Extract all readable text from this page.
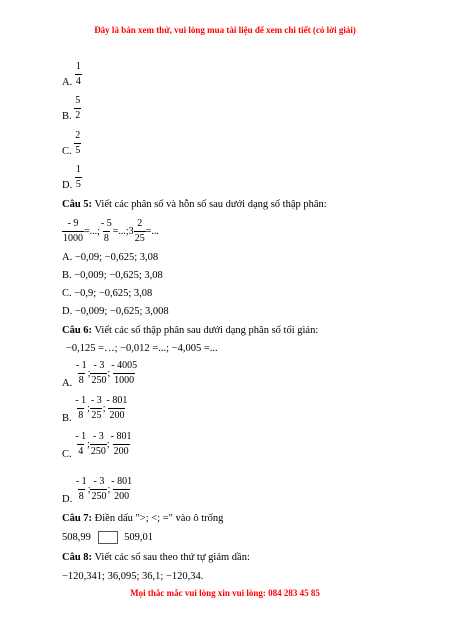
Đây là bản xem thử, vui lòng mua tài liệu để xem chi tiết (có lời giải)
A. $\frac{1}{4}$
B. $\frac{5}{2}$
C. $\frac{2}{5}$
D. $\frac{1}{5}$
Câu 5: Viết các phân số và hỗn số sau dưới dạng số thập phân:
$\frac{- 9}{1000}$ =...; $\frac{- 5}{8}$ =...;3 $\frac{2}{25}$ =...
A. −0,09; −0,625; 3,08
B. −0,009; −0,625; 3,08
C. −0,9; −0,625; 3,08
D. −0,009; −0,625; 3,008
Câu 6: Viết các số thập phân sau dưới dạng phân số tối giản:
−0,125 =…; −0,012 =...; −4,005 =...
A. $\frac{- 1}{8}$ ; $\frac{- 3}{250}$ ; $\frac{- 4005}{1000}$
B. $\frac{- 1}{8}$ ; $\frac{- 3}{25}$ ; $\frac{- 801}{200}$
C. $\frac{- 1}{4}$ ; $\frac{- 3}{250}$ ; $\frac{- 801}{200}$
D. $\frac{- 1}{8}$ ; $\frac{- 3}{250}$ ; $\frac{- 801}{200}$
Câu 7: Điền dấu ">; <; =" vào ô trống
508,99	509,01
Câu 8: Viết các số sau theo thứ tự giảm dần:
−120,341; 36,095; 36,1; −120,34.
Mọi thắc mắc vui lòng xin vui lòng: 084 283 45 85
